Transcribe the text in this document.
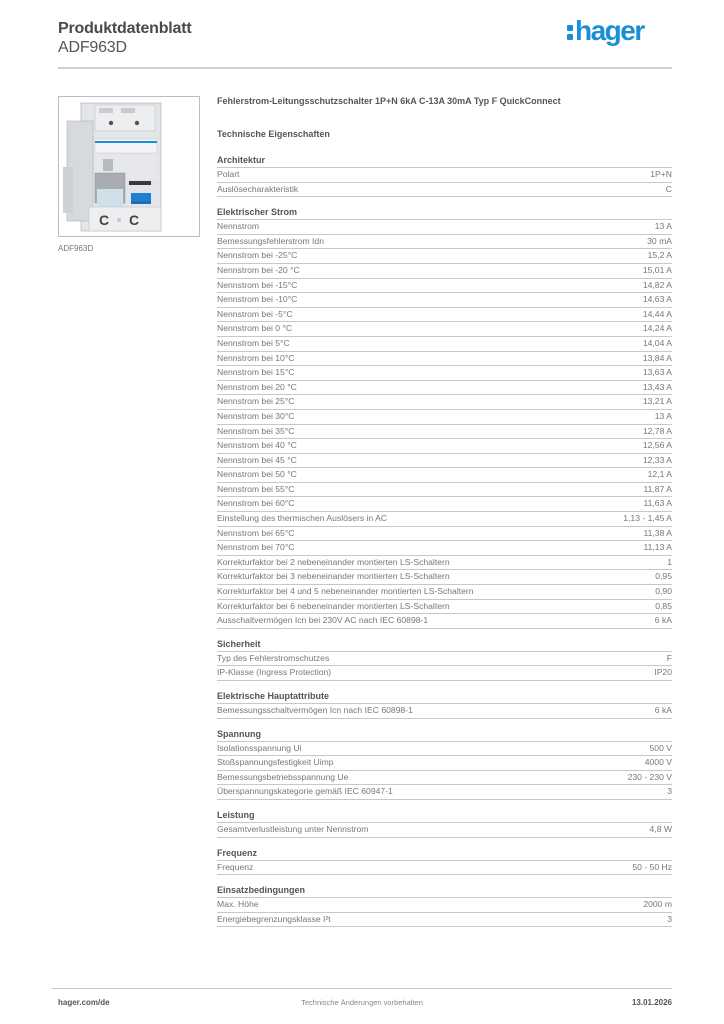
Produktdatenblatt
ADF963D
hager
C C
ADF963D
Fehlerstrom-Leitungsschutzschalter 1P+N 6kA C-13A 30mA Typ F QuickConnect
Technische Eigenschaften
Architektur
Polart	1P+N
Auslösecharakteristik	C
Elektrischer Strom
Nennstrom	13 A
Bemessungsfehlerstrom Idn	30 mA
Nennstrom bei -25°C	15,2 A
Nennstrom bei -20 °C	15,01 A
Nennstrom bei -15°C	14,82 A
Nennstrom bei -10°C	14,63 A
Nennstrom bei -5°C	14,44 A
Nennstrom bei 0 °C	14,24 A
Nennstrom bei 5°C	14,04 A
Nennstrom bei 10°C	13,84 A
Nennstrom bei 15°C	13,63 A
Nennstrom bei 20 °C	13,43 A
Nennstrom bei 25°C	13,21 A
Nennstrom bei 30°C	13 A
Nennstrom bei 35°C	12,78 A
Nennstrom bei 40 °C	12,56 A
Nennstrom bei 45 °C	12,33 A
Nennstrom bei 50 °C	12,1 A
Nennstrom bei 55°C	11,87 A
Nennstrom bei 60°C	11,63 A
Einstellung des thermischen Auslösers in AC	1,13 - 1,45 A
Nennstrom bei 65°C	11,38 A
Nennstrom bei 70°C	11,13 A
Korrekturfaktor bei 2 nebeneinander montierten LS-Schaltern	1
Korrekturfaktor bei 3 nebeneinander montierten LS-Schaltern	0,95
Korrekturfaktor bei 4 und 5 nebeneinander montierten LS-Schaltern	0,90
Korrekturfaktor bei 6 nebeneinander montierten LS-Schaltern	0,85
Ausschaltvermögen Icn bei 230V AC nach IEC 60898-1	6 kA
Sicherheit
Typ des Fehlerstromschutzes	F
IP-Klasse (Ingress Protection)	IP20
Elektrische Hauptattribute
Bemessungsschaltvermögen Icn nach IEC 60898-1	6 kA
Spannung
Isolationsspannung Ui	500 V
Stoßspannungsfestigkeit Uimp	4000 V
Bemessungsbetriebsspannung Ue	230 - 230 V
Überspannungskategorie gemäß IEC 60947-1	3
Leistung
Gesamtverlustleistung unter Nennstrom	4,8 W
Frequenz
Frequenz	50 - 50 Hz
Einsatzbedingungen
Max. Höhe	2000 m
Energiebegrenzungsklasse I²t	3
hager.com/de	Technische Änderungen vorbehalten	13.01.2026
